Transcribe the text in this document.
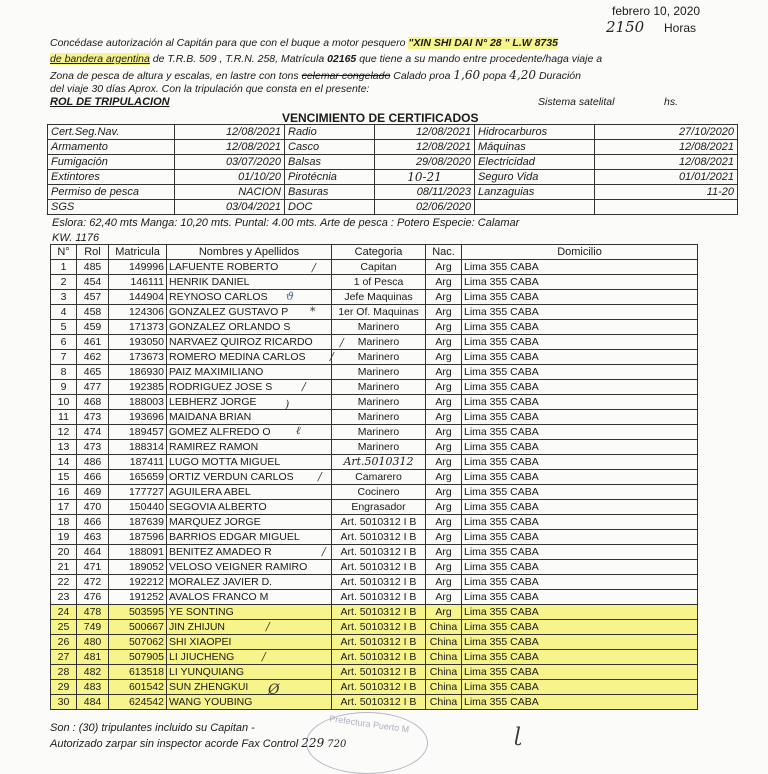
febrero 10, 2020
2150 Horas
Concédase autorización al Capitán para que con el buque a motor pesquero "XIN SHI DAI N° 28 " L.W 8735
de bandera argentina de T.R.B. 509 , T.R.N. 258, Matrícula 02165 que tiene a su mando entre procedente/haga viaje a
Zona de pesca de altura y escalas, en lastre con tons celemar congelado Calado proa 1,60 popa 4,20 Duración
del viaje 30 días Aprox. Con la tripulación que consta en el presente:
ROL DE TRIPULACION	Sistema satelital	hs.
VENCIMIENTO DE CERTIFICADOS
Cert.Seg.Nav.	12/08/2021	Radio	12/08/2021	Hidrocarburos	27/10/2020
Armamento	12/08/2021	Casco	12/08/2021	Máquinas	12/08/2021
Fumigación	03/07/2020	Balsas	29/08/2020	Electricidad	12/08/2021
Extintores	01/10/20	Pirotécnia	10-21	Seguro Vida	01/01/2021
Permiso de pesca	NACION	Basuras	08/11/2023	Lanzaguias	11-20
SGS	03/04/2021	DOC	02/06/2020		
Eslora: 62,40 mts Manga: 10,20 mts. Puntal: 4.00 mts. Arte de pesca : Potero Especie: Calamar
KW. 1176
N°	Rol	Matricula	Nombres y Apellidos	Categoria	Nac.	Domicilio
1	485	149996	LAFUENTE ROBERTO	Capitan	Arg	Lima 355 CABA
2	454	146111	HENRIK DANIEL	1 of Pesca	Arg	Lima 355 CABA
3	457	144904	REYNOSO CARLOS	Jefe Maquinas	Arg	Lima 355 CABA
4	458	124306	GONZALEZ GUSTAVO P	1er Of. Maquinas	Arg	Lima 355 CABA
5	459	171373	GONZALEZ ORLANDO S	Marinero	Arg	Lima 355 CABA
6	461	193050	NARVAEZ QUIROZ RICARDO	Marinero	Arg	Lima 355 CABA
7	462	173673	ROMERO MEDINA CARLOS	Marinero	Arg	Lima 355 CABA
8	465	186930	PAIZ MAXIMILIANO	Marinero	Arg	Lima 355 CABA
9	477	192385	RODRIGUEZ JOSE S	Marinero	Arg	Lima 355 CABA
10	468	188003	LEBHERZ JORGE	Marinero	Arg	Lima 355 CABA
11	473	193696	MAIDANA BRIAN	Marinero	Arg	Lima 355 CABA
12	474	189457	GOMEZ ALFREDO O	Marinero	Arg	Lima 355 CABA
13	473	188314	RAMIREZ RAMON	Marinero	Arg	Lima 355 CABA
14	486	187411	LUGO MOTTA MIGUEL	Art.5010312	Arg	Lima 355 CABA
15	466	165659	ORTIZ VERDUN CARLOS	Camarero	Arg	Lima 355 CABA
16	469	177727	AGUILERA ABEL	Cocinero	Arg	Lima 355 CABA
17	470	150440	SEGOVIA ALBERTO	Engrasador	Arg	Lima 355 CABA
18	466	187639	MARQUEZ JORGE	Art. 5010312 I B	Arg	Lima 355 CABA
19	463	187596	BARRIOS EDGAR MIGUEL	Art. 5010312 I B	Arg	Lima 355 CABA
20	464	188091	BENITEZ AMADEO R	Art. 5010312 I B	Arg	Lima 355 CABA
21	471	189052	VELOSO VEIGNER RAMIRO	Art. 5010312 I B	Arg	Lima 355 CABA
22	472	192212	MORALEZ JAVIER D.	Art. 5010312 I B	Arg	Lima 355 CABA
23	476	191252	AVALOS FRANCO M	Art. 5010312 I B	Arg	Lima 355 CABA
24	478	503595	YE SONTING	Art. 5010312 I B	Arg	Lima 355 CABA
25	749	500667	JIN ZHIJUN	Art. 5010312 I B	China	Lima 355 CABA
26	480	507062	SHI XIAOPEI	Art. 5010312 I B	China	Lima 355 CABA
27	481	507905	LI JIUCHENG	Art. 5010312 I B	China	Lima 355 CABA
28	482	613518	LI YUNQUIANG	Art. 5010312 I B	China	Lima 355 CABA
29	483	601542	SUN ZHENGKUI	Art. 5010312 I B	China	Lima 355 CABA
30	484	624542	WANG YOUBING	Art. 5010312 I B	China	Lima 355 CABA
/
ϑ
*
/
/
/
)
ℓ
/
/
/
/
Ø
Son : (30) tripulantes incluido su Capitan -
Autorizado zarpar sin inspector acorde Fax Control 229 720
Prefectura Puerto M	ɭ
